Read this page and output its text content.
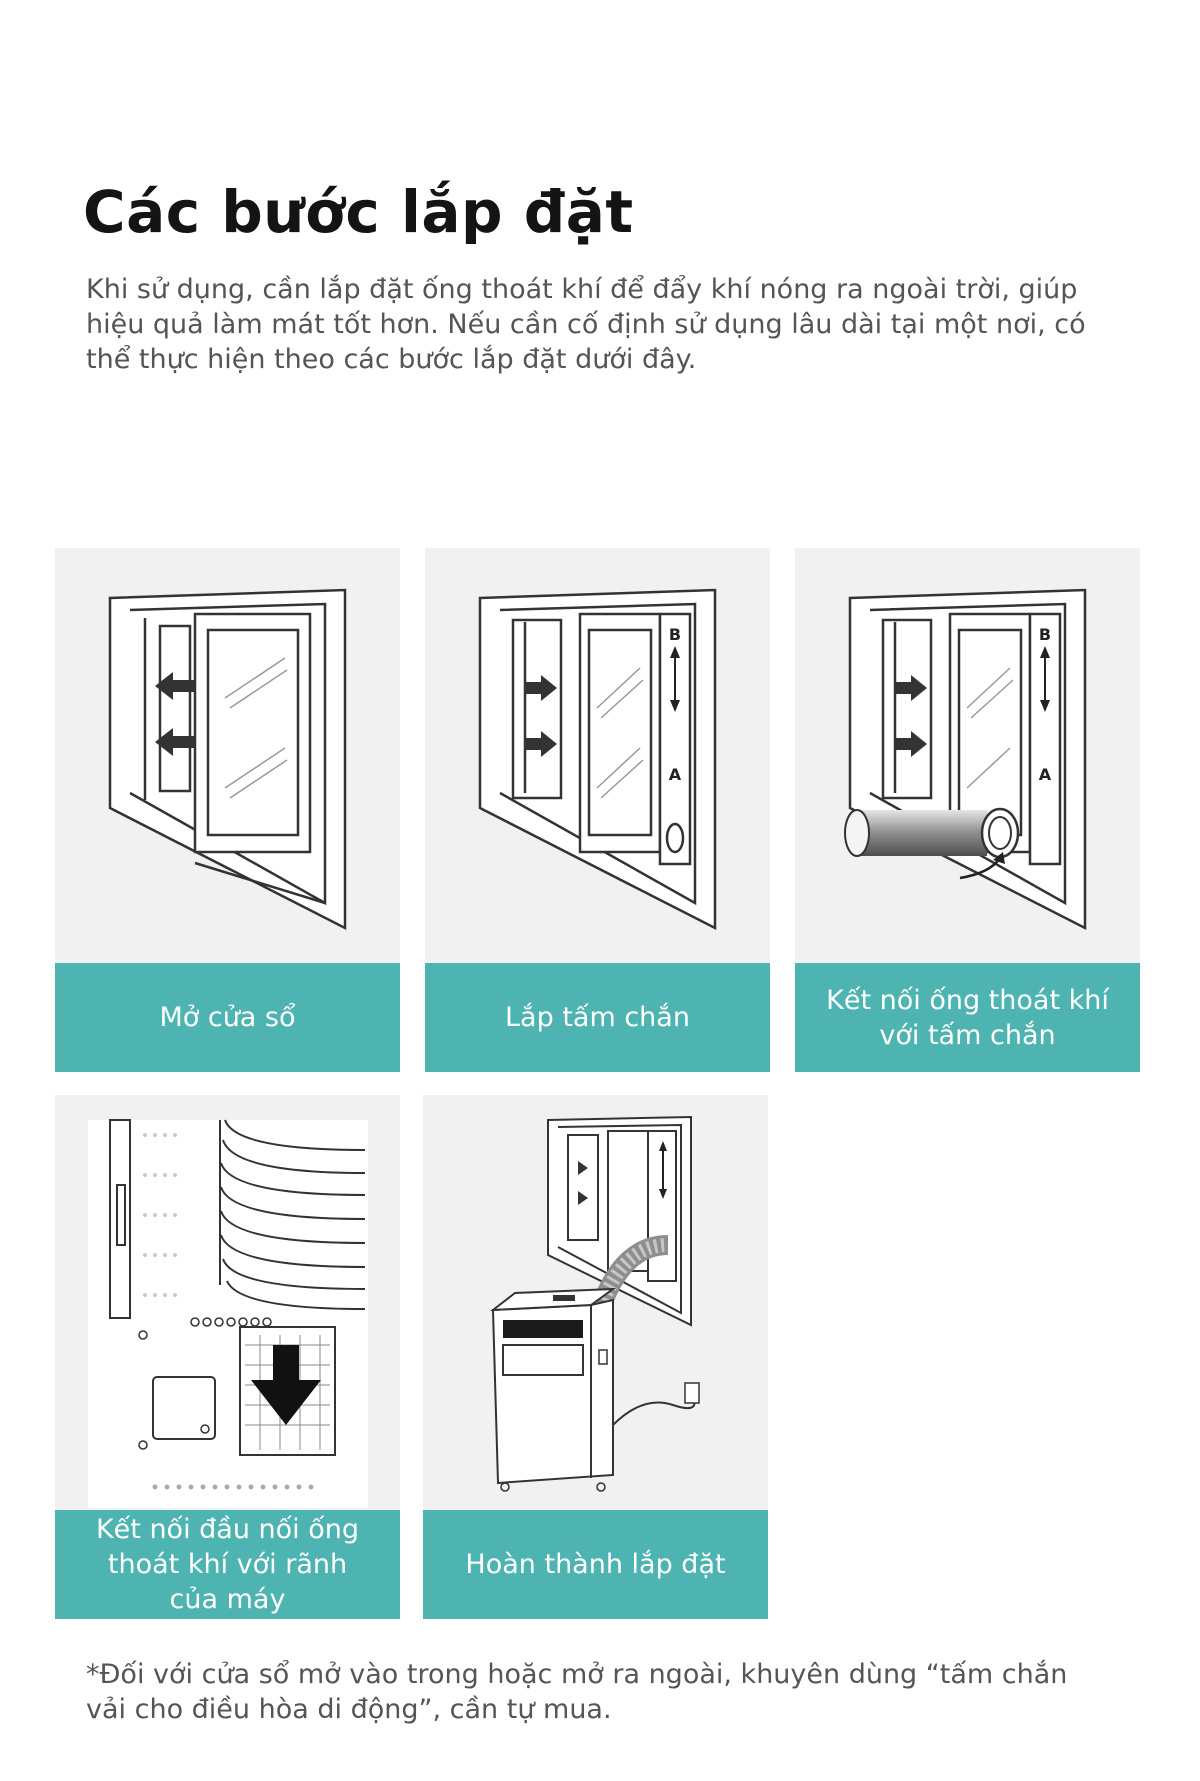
Các bước lắp đặt

Khi sử dụng, cần lắp đặt ống thoát khí để đẩy khí nóng ra ngoài trời, giúp hiệu quả làm mát tốt hơn. Nếu cần cố định sử dụng lâu dài tại một nơi, có thể thực hiện theo các bước lắp đặt dưới đây.

Mở cửa sổ
B
A
Lắp tấm chắn
B
A
Kết nối ống thoát khí với tấm chắn
Kết nối đầu nối ống thoát khí với rãnh của máy
Hoàn thành lắp đặt

*Đối với cửa sổ mở vào trong hoặc mở ra ngoài, khuyên dùng “tấm chắn vải cho điều hòa di động”, cần tự mua.
